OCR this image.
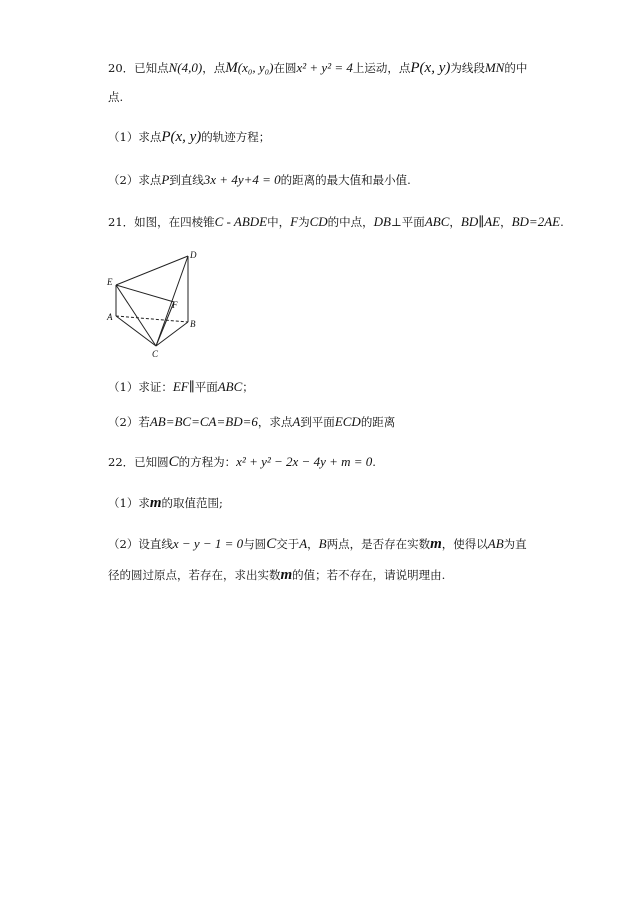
20．已知点N(4,0)，点M(x₀, y₀)在圆x² + y² = 4上运动，点P(x, y)为线段MN的中
点.
（1）求点P(x, y)的轨迹方程；
（2）求点P到直线3x + 4y+4 = 0的距离的最大值和最小值.
21．如图，在四棱锥C - ABDE中，F为CD的中点，DB⊥平面ABC，BD∥AE，BD=2AE.
E
D
F
A
B
C
（1）求证：EF∥平面ABC；
（2）若AB=BC=CA=BD=6，求点A到平面ECD的距离
22．已知圆C的方程为：x² + y² − 2x − 4y + m = 0.
（1）求m的取值范围;
（2）设直线x − y − 1 = 0与圆C交于A，B两点，是否存在实数m，使得以AB为直
径的圆过原点，若存在，求出实数m的值；若不存在，请说明理由.
